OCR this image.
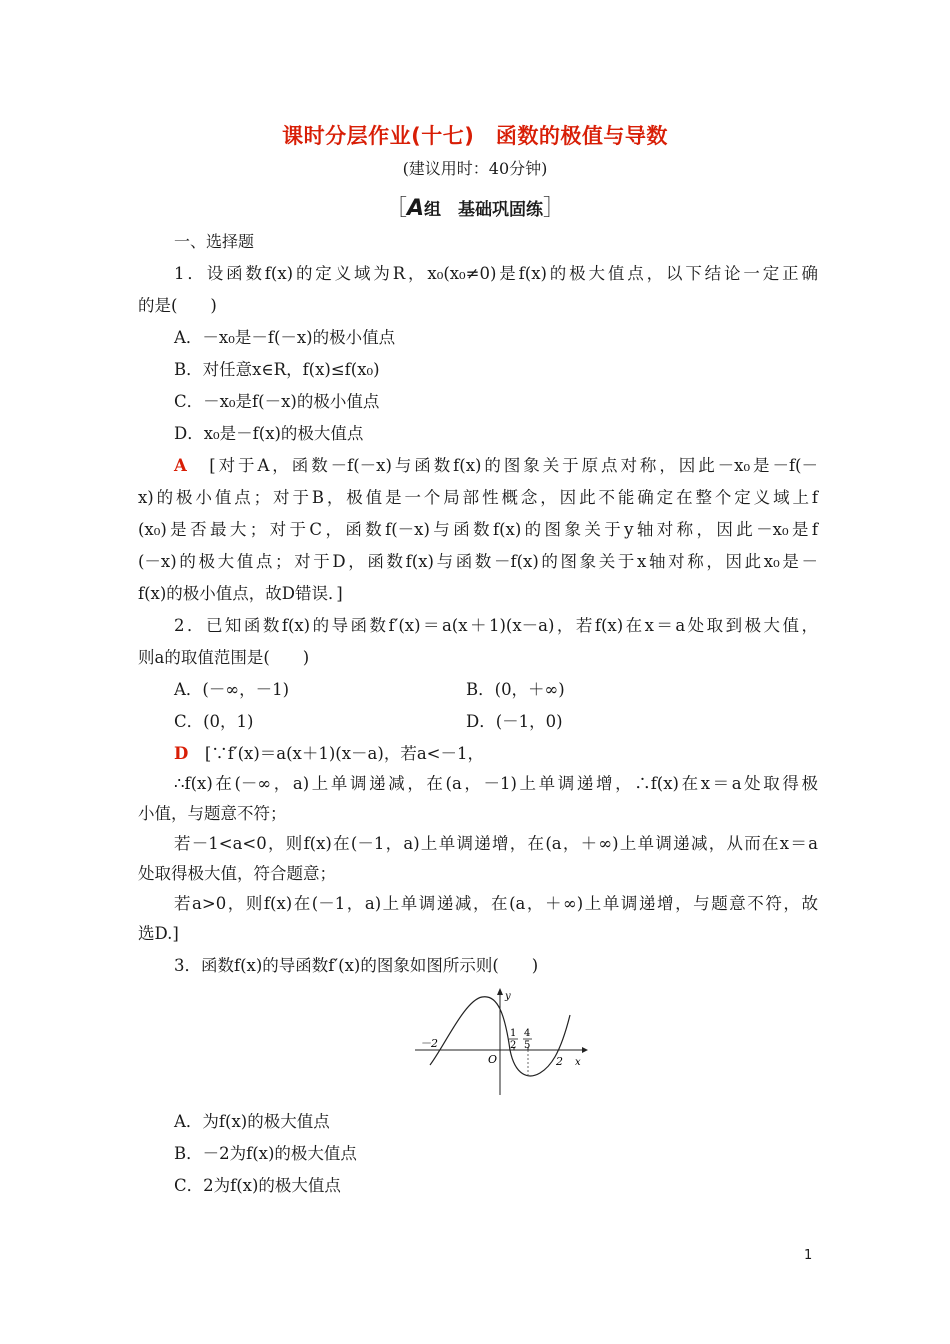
课时分层作业(十七)　函数的极值与导数
(建议用时：40分钟)
［A组　基础巩固练］
一、选择题
1．设函数f(x)的定义域为R，x₀(x₀≠0)是f(x)的极大值点，以下结论一定正确
的是(　　)
A．－x₀是－f(－x)的极小值点
B．对任意x∈R，f(x)≤f(x₀)
C．－x₀是f(－x)的极小值点
D．x₀是－f(x)的极大值点
A　 [对于A，函数－f(－x)与函数f(x)的图象关于原点对称，因此－x₀是－f(－
x)的极小值点；对于B，极值是一个局部性概念，因此不能确定在整个定义域上f
(x₀)是否最大；对于C，函数f(－x)与函数f(x)的图象关于y轴对称，因此－x₀是f
(－x)的极大值点；对于D，函数f(x)与函数－f(x)的图象关于x轴对称，因此x₀是－
f(x)的极小值点，故D错误．]
2．已知函数f(x)的导函数f′(x)＝a(x＋1)(x－a)，若f(x)在x＝a处取到极大值，
则a的取值范围是(　　)
A．(－∞，－1)	B．(0，＋∞)
C．(0，1)	D．(－1，0)
D　 [∵f′(x)＝a(x＋1)(x－a)，若a<－1，
∴f(x)在(－∞，a)上单调递减，在(a，－1)上单调递增，∴f(x)在x＝a处取得极
小值，与题意不符；
若－1<a<0，则f(x)在(－1，a)上单调递增，在(a，＋∞)上单调递减，从而在x＝a
处取得极大值，符合题意；
若a>0，则f(x)在(－1，a)上单调递减，在(a，＋∞)上单调递增，与题意不符，故
选D.]
3．函数f(x)的导函数f′(x)的图象如图所示则(　　)
－2
O
y
x
1
2
4
5
2
A．为f(x)的极大值点
B．－2为f(x)的极大值点
C．2为f(x)的极大值点
1
